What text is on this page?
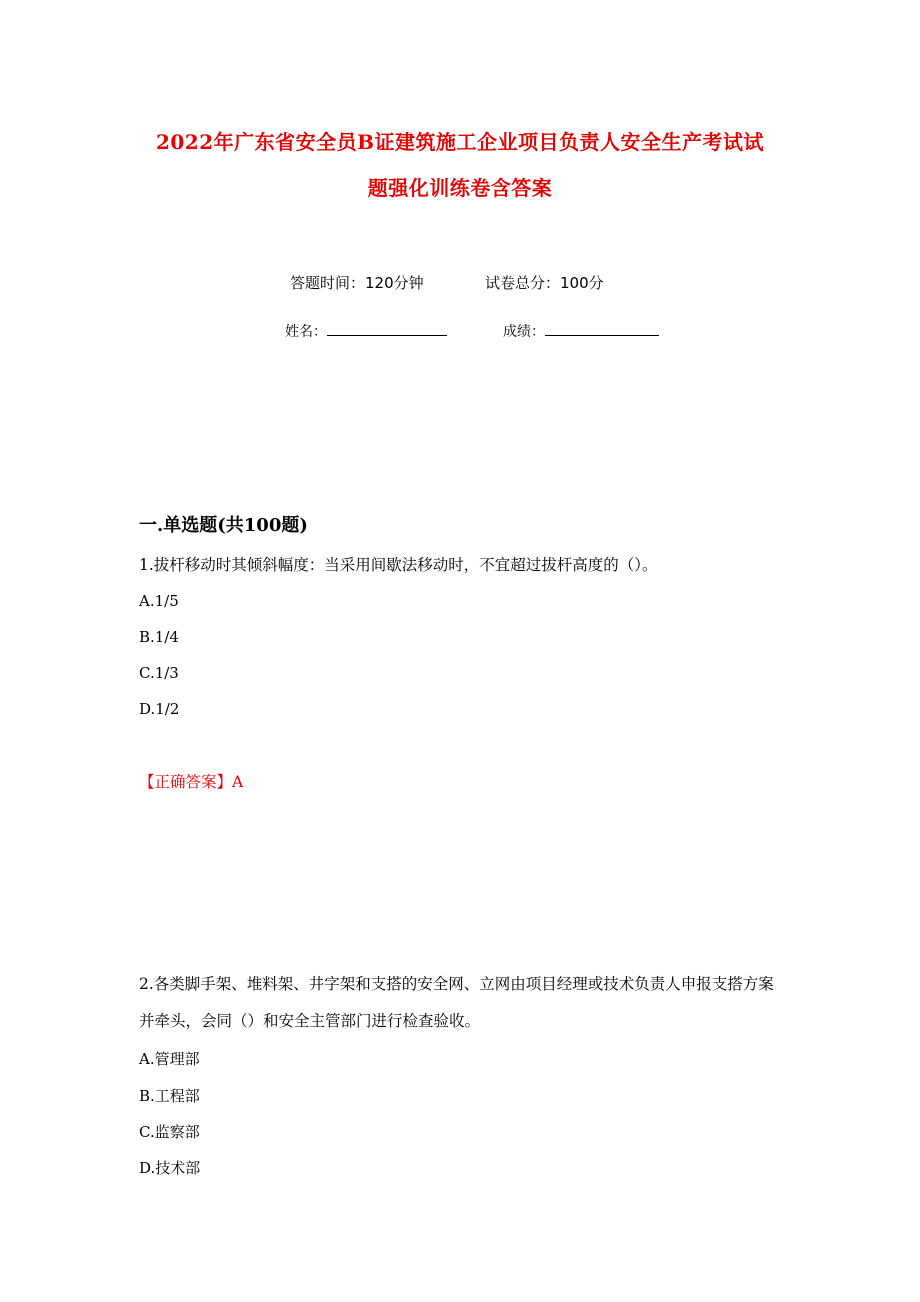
2022年广东省安全员B证建筑施工企业项目负责人安全生产考试试
题强化训练卷含答案
答题时间：120分钟	试卷总分：100分
姓名：	成绩：
一.单选题(共100题)
1.拔杆移动时其倾斜幅度：当采用间歇法移动时，不宜超过拔杆高度的（）。
A.1/5
B.1/4
C.1/3
D.1/2
【正确答案】A
2.各类脚手架、堆料架、井字架和支搭的安全网、立网由项目经理或技术负责人申报支搭方案并牵头，会同（）和安全主管部门进行检查验收。
A.管理部
B.工程部
C.监察部
D.技术部
